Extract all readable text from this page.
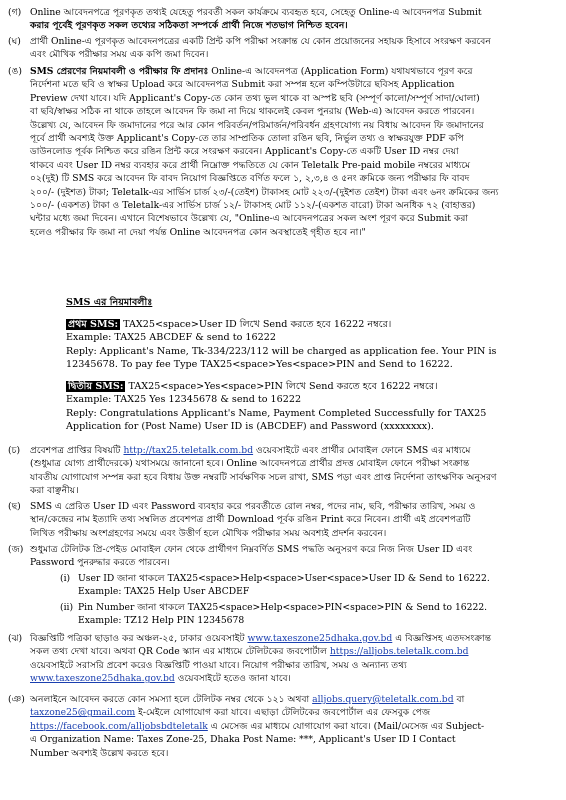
(গ) Online আবেদনপত্রে পূরণকৃত তথ্যই যেহেতু পরবর্তী সকল কার্যক্রমে ব্যবহৃত হবে, সেহেতু Online-এ আবেদনপত্র Submit

করার পূর্বেই পূরণকৃত সকল তথ্যের সঠিকতা সম্পর্কে প্রার্থী নিজে শতভাগ নিশ্চিত হবেন।

(ঘ) প্রার্থী Online-এ পূরণকৃত আবেদনপত্রের একটি প্রিন্ট কপি পরীক্ষা সংক্রান্ত যে কোন প্রয়োজনের সহায়ক হিসাবে সংরক্ষণ করবেন

এবং মৌখিক পরীক্ষার সময় এক কপি জমা দিবেন।

(ঙ) SMS প্রেরণের নিয়মাবলী ও পরীক্ষার ফি প্রদানঃ Online-এ আবেদনপত্র (Application Form) যথাযথভাবে পূরণ করে

নির্দেশনা মতে ছবি ও স্বাক্ষর Upload করে আবেদনপত্র Submit করা সম্পন্ন হলে কম্পিউটারে ছবিসহ Application

Preview দেখা যাবে। যদি Applicant's Copy-তে কোন তথ্য ভুল থাকে বা অস্পষ্ট ছবি (সম্পূর্ণ কালো/সম্পূর্ণ সাদা/ঘোলা)

বা ছবি/স্বাক্ষর সঠিক না থাকে তাহলে আবেদন ফি জমা না দিয়ে থাকলেই কেবল পুনরায় (Web-এ) আবেদন করতে পারবেন।

উল্লেখ্য যে, আবেদন ফি জমাদানের পরে আর কোন পরিবর্তন/পরিমার্জন/পরিবর্ধন গ্রহণযোগ্য নয় বিধায় আবেদন ফি জমাদানের

পূর্বে প্রার্থী অবশ্যই উক্ত Applicant's Copy-তে তার সাম্প্রতিক তোলা রঙিন ছবি, নির্ভুল তথ্য ও স্বাক্ষরযুক্ত PDF কপি

ডাউনলোড পূর্বক নিশ্চিত করে রঙিন প্রিন্ট করে সংরক্ষণ করবেন। Applicant's Copy-তে একটি User ID নম্বর দেয়া

থাকবে এবং User ID নম্বর ব্যবহার করে প্রার্থী নিম্নোক্ত পদ্ধতিতে যে কোন Teletalk Pre-paid mobile নম্বরের মাধ্যমে

০২(দুই) টি SMS করে আবেদন ফি বাবদ নিয়োগ বিজ্ঞপ্তিতে বর্ণিত ফলে ১, ২,৩,৪ ও ৫নং ক্রমিকে জন্য পরীক্ষার ফি বাবদ

২০০/- (দুইশত) টাকা; Teletalk-এর সার্ভিস চার্জ ২৩/-(তেইশ) টাকাসহ মোট ২২৩/-(দুইশত তেইশ) টাকা এবং ৬নং ক্রমিকের জন্য

১০০/- (একশত) টাকা ও Teletalk-এর সার্ভিস চার্জ ১২/- টাকাসহ মোট ১১২/-(একশত বারো) টাকা অনধিক ৭২ (বাহাত্তর)

ঘন্টার মধ্যে জমা দিবেন। এখানে বিশেষভাবে উল্লেখ্য যে, "Online-এ আবেদনপত্রের সকল অংশ পূরণ করে Submit করা

হলেও পরীক্ষার ফি জমা না দেয়া পর্যন্ত Online আবেদনপত্র কোন অবস্থাতেই গৃহীত হবে না।"

SMS এর নিয়মাবলীঃ

প্রথম SMS: TAX25<space>User ID লিখে Send করতে হবে 16222 নম্বরে।

Example: TAX25 ABCDEF & send to 16222

Reply: Applicant's Name, Tk-334/223/112 will be charged as application fee. Your PIN is

12345678. To pay fee Type TAX25<space>Yes<space>PIN and Send to 16222.

দ্বিতীয় SMS: TAX25<space>Yes<space>PIN লিখে Send করতে হবে 16222 নম্বরে।

Example: TAX25 Yes 12345678 & send to 16222

Reply: Congratulations Applicant's Name, Payment Completed Successfully for TAX25

Application for (Post Name) User ID is (ABCDEF) and Password (xxxxxxxx).

(চ)	প্রবেশপত্র প্রাপ্তির বিষয়টি http://tax25.teletalk.com.bd ওয়েবসাইটে এবং প্রার্থীর মোবাইল ফোনে SMS এর মাধ্যমে

(শুধুমাত্র যোগ্য প্রার্থীদেরকে) যথাসময়ে জানানো হবে। Online আবেদনপত্রে প্রার্থীর প্রদত্ত মোবাইল ফোনে পরীক্ষা সংক্রান্ত

যাবতীয় যোগাযোগ সম্পন্ন করা হবে বিধায় উক্ত নম্বরটি সার্বক্ষণিক সচল রাখা, SMS পড়া এবং প্রাপ্ত নির্দেশনা তাৎক্ষণিক অনুসরণ

করা বাঞ্ছনীয়।

(ছ)	SMS এ প্রেরিত User ID এবং Password ব্যবহার করে পরবর্তীতে রোল নম্বর, পদের নাম, ছবি, পরীক্ষার তারিখ, সময় ও

স্থান/কেন্দ্রের নাম ইত্যাদি তথ্য সম্বলিত প্রবেশপত্র প্রার্থী Download পূর্বক রঙিন Print করে নিবেন। প্রার্থী এই প্রবেশপত্রটি

লিখিত পরীক্ষায় অংশগ্রহণের সময়ে এবং উত্তীর্ণ হলে মৌখিক পরীক্ষার সময় অবশ্যই প্রদর্শন করবেন।

(জ) শুধুমাত্র টেলিটক প্রি-পেইড মোবাইল ফোন থেকে প্রার্থীগণ নিম্নবর্ণিত SMS পদ্ধতি অনুসরণ করে নিজ নিজ User ID এবং

Password পুনরুদ্ধার করতে পারবেন।

(i) User ID জানা থাকলে TAX25<space>Help<space>User<space>User ID & Send to 16222.

Example: TAX25 Help User ABCDEF

(ii) Pin Number জানা থাকলে TAX25<space>Help<space>PIN<space>PIN & Send to 16222.

Example: TZ12 Help PIN 12345678

(ঝ) বিজ্ঞপ্তিটি পত্রিকা ছাড়াও কর অঞ্চল-২৫, ঢাকার ওয়েবসাইট www.taxeszone25dhaka.gov.bd এ বিজ্ঞপ্তিসহ এতদসংক্রান্ত

সকল তথ্য দেখা যাবে। অথবা QR Code স্ক্যান এর মাধ্যমে টেলিটকের জবপোর্টাল https://alljobs.teletalk.com.bd

ওয়েবসাইটে সরাসরি প্রবেশ করেও বিজ্ঞপ্তিটি পাওয়া যাবে। নিয়োগ পরীক্ষার তারিখ, সময় ও অন্যান্য তথ্য

www.taxeszone25dhaka.gov.bd ওয়েবসাইটে হতেও জানা যাবে।

(ঞ) অনলাইনে আবেদন করতে কোন সমস্যা হলে টেলিটক নম্বর থেকে ১২১ অথবা alljobs.query@teletalk.com.bd বা

taxzone25@gmail.com ই-মেইলে যোগাযোগ করা যাবে। এছাড়া টেলিটকের জবপোর্টাল এর ফেসবুক পেজ

https://facebook.com/alljobsbdteletalk এ মেসেজ এর মাধ্যমে যোগাযোগ করা যাবে। (Mail/মেসেজ এর Subject-

এ Organization Name: Taxes Zone-25, Dhaka Post Name: ***, Applicant's User ID I Contact

Number অবশ্যই উল্লেখ করতে হবে।
